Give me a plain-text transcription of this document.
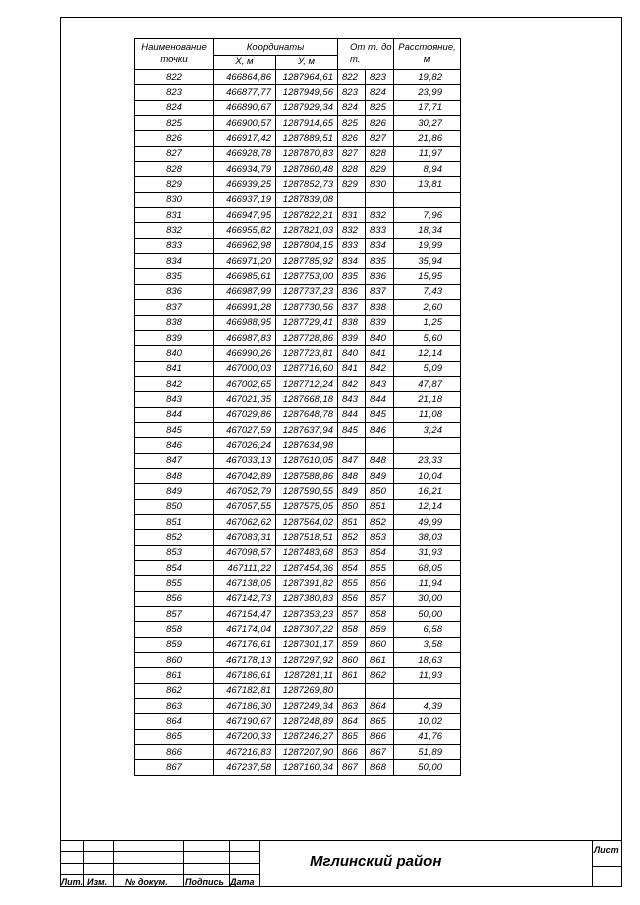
Наименование точки	Координаты		От т. до т.		Расстояние, м
	X, м	У, м			
822	466864,86	1287964,61	822	823	19,82
823	466877,77	1287949,56	823	824	23,99
824	466890,67	1287929,34	824	825	17,71
825	466900,57	1287914,65	825	826	30,27
826	466917,42	1287889,51	826	827	21,86
827	466928,78	1287870,83	827	828	11,97
828	466934,79	1287860,48	828	829	8,94
829	466939,25	1287852,73	829	830	13,81
830	466937,19	1287839,08			
831	466947,95	1287822,21	831	832	7,96
832	466955,82	1287821,03	832	833	18,34
833	466962,98	1287804,15	833	834	19,99
834	466971,20	1287785,92	834	835	35,94
835	466985,61	1287753,00	835	836	15,95
836	466987,99	1287737,23	836	837	7,43
837	466991,28	1287730,56	837	838	2,60
838	466988,95	1287729,41	838	839	1,25
839	466987,83	1287728,86	839	840	5,60
840	466990,26	1287723,81	840	841	12,14
841	467000,03	1287716,60	841	842	5,09
842	467002,65	1287712,24	842	843	47,87
843	467021,35	1287668,18	843	844	21,18
844	467029,86	1287648,78	844	845	11,08
845	467027,59	1287637,94	845	846	3,24
846	467026,24	1287634,98			
847	467033,13	1287610,05	847	848	23,33
848	467042,89	1287588,86	848	849	10,04
849	467052,79	1287590,55	849	850	16,21
850	467057,55	1287575,05	850	851	12,14
851	467062,62	1287564,02	851	852	49,99
852	467083,31	1287518,51	852	853	38,03
853	467098,57	1287483,68	853	854	31,93
854	467111,22	1287454,36	854	855	68,05
855	467138,05	1287391,82	855	856	11,94
856	467142,73	1287380,83	856	857	30,00
857	467154,47	1287353,23	857	858	50,00
858	467174,04	1287307,22	858	859	6,58
859	467176,61	1287301,17	859	860	3,58
860	467178,13	1287297,92	860	861	18,63
861	467186,61	1287281,11	861	862	11,93
862	467182,81	1287269,80			
863	467186,30	1287249,34	863	864	4,39
864	467190,67	1287248,89	864	865	10,02
865	467200,33	1287246,27	865	866	41,76
866	467216,83	1287207,90	866	867	51,89
867	467237,58	1287160,34	867	868	50,00
Лит. Изм. № докум. Подпись Дата
Мглинский район
Лист
